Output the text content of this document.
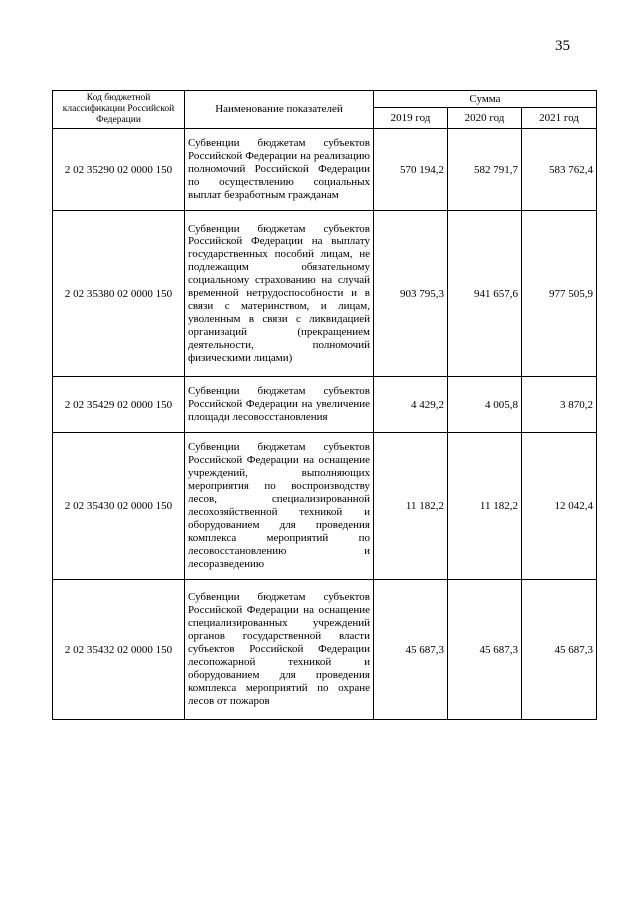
35
Код бюджетной классификации Российской Федерации	Наименование показателей	Сумма		
		2019 год	2020 год	2021 год
2 02 35290 02 0000 150	Субвенции бюджетам субъектов Российской Федерации на реализацию полномочий Российской Федерации по осуществлению социальных выплат безработным гражданам	570 194,2	582 791,7	583 762,4
2 02 35380 02 0000 150	Субвенции бюджетам субъектов Российской Федерации на выплату государственных пособий лицам, не подлежащим обязательному социальному страхованию на случай временной нетрудоспособности и в связи с материнством, и лицам, уволенным в связи с ликвидацией организаций (прекращением деятельности, полномочий физическими лицами)	903 795,3	941 657,6	977 505,9
2 02 35429 02 0000 150	Субвенции бюджетам субъектов Российской Федерации на увеличение площади лесовосстановления	4 429,2	4 005,8	3 870,2
2 02 35430 02 0000 150	Субвенции бюджетам субъектов Российской Федерации на оснащение учреждений, выполняющих мероприятия по воспроизводству лесов, специализированной лесохозяйственной техникой и оборудованием для проведения комплекса мероприятий по лесовосстановлению и лесоразведению	11 182,2	11 182,2	12 042,4
2 02 35432 02 0000 150	Субвенции бюджетам субъектов Российской Федерации на оснащение специализированных учреждений органов государственной власти субъектов Российской Федерации лесопожарной техникой и оборудованием для проведения комплекса мероприятий по охране лесов от пожаров	45 687,3	45 687,3	45 687,3
